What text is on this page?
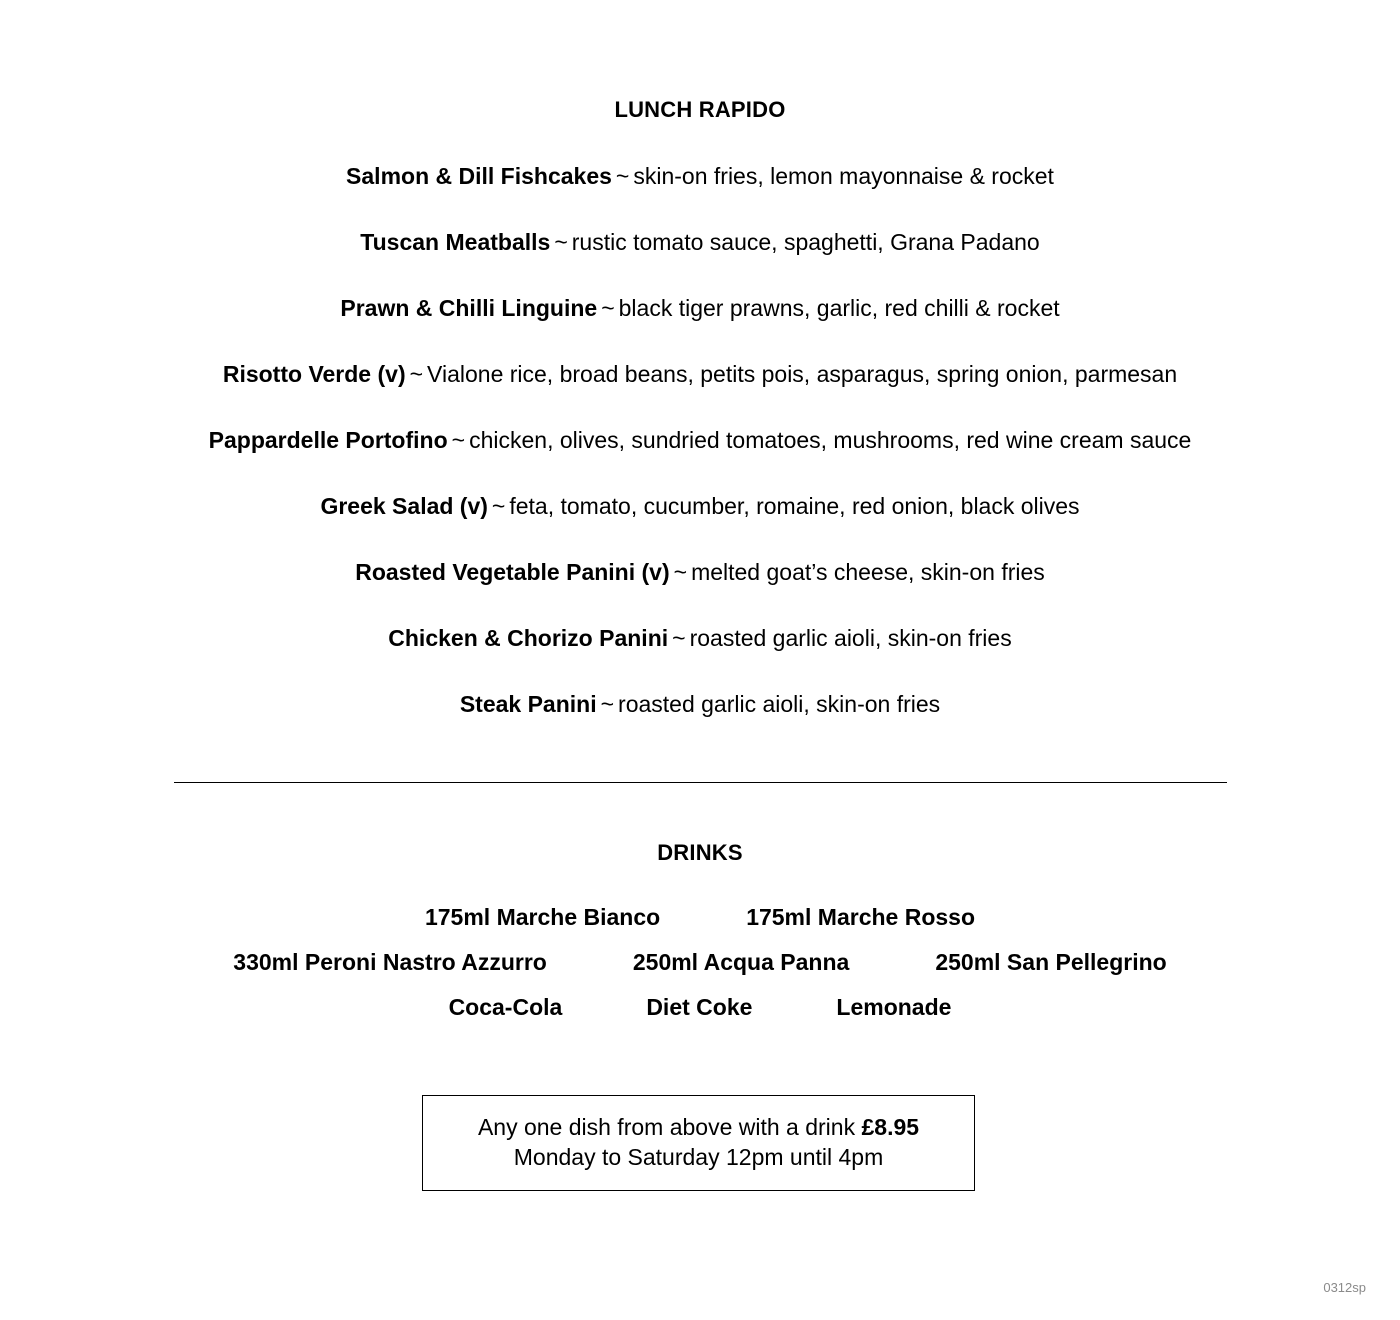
LUNCH RAPIDO
Salmon & Dill Fishcakes ~ skin-on fries, lemon mayonnaise & rocket
Tuscan Meatballs ~ rustic tomato sauce, spaghetti, Grana Padano
Prawn & Chilli Linguine ~ black tiger prawns, garlic, red chilli & rocket
Risotto Verde (v) ~ Vialone rice, broad beans, petits pois, asparagus, spring onion, parmesan
Pappardelle Portofino ~ chicken, olives, sundried tomatoes, mushrooms, red wine cream sauce
Greek Salad (v) ~ feta, tomato, cucumber, romaine, red onion, black olives
Roasted Vegetable Panini (v) ~ melted goat’s cheese, skin-on fries
Chicken & Chorizo Panini ~ roasted garlic aioli, skin-on fries
Steak Panini ~ roasted garlic aioli, skin-on fries
DRINKS
175ml Marche Bianco	175ml Marche Rosso
330ml Peroni Nastro Azzurro	250ml Acqua Panna	250ml San Pellegrino
Coca-Cola	Diet Coke	Lemonade
Any one dish from above with a drink £8.95
Monday to Saturday 12pm until 4pm
0312sp
